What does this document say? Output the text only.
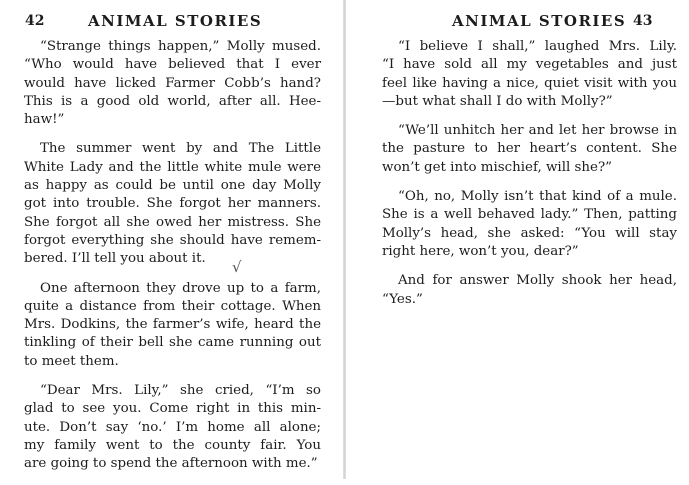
42	ANIMAL STORIES
“Strange things happen,” Molly mused.
“Who would have believed that I ever
would have licked Farmer Cobb’s hand?
This is a good old world, after all. Hee-
haw!”
The summer went by and The Little
White Lady and the little white mule were
as happy as could be until one day Molly
got into trouble. She forgot her manners.
She forgot all she owed her mistress. She
forgot everything she should have remem-
bered. I’ll tell you about it.
One afternoon they drove up to a farm,
quite a distance from their cottage. When
Mrs. Dodkins, the farmer’s wife, heard the
tinkling of their bell she came running out
to meet them.
“Dear Mrs. Lily,” she cried, “I’m so
glad to see you. Come right in this min-
ute. Don’t say ‘no.’ I’m home all alone;
my family went to the county fair. You
are going to spend the afternoon with me.”
√
ANIMAL STORIES 43
“I believe I shall,” laughed Mrs. Lily.
“I have sold all my vegetables and just
feel like having a nice, quiet visit with you
—but what shall I do with Molly?”
“We’ll unhitch her and let her browse in
the pasture to her heart’s content. She
won’t get into mischief, will she?”
“Oh, no, Molly isn’t that kind of a mule.
She is a well behaved lady.” Then, patting
Molly’s head, she asked: “You will stay
right here, won’t you, dear?”
And for answer Molly shook her head,
“Yes.”
